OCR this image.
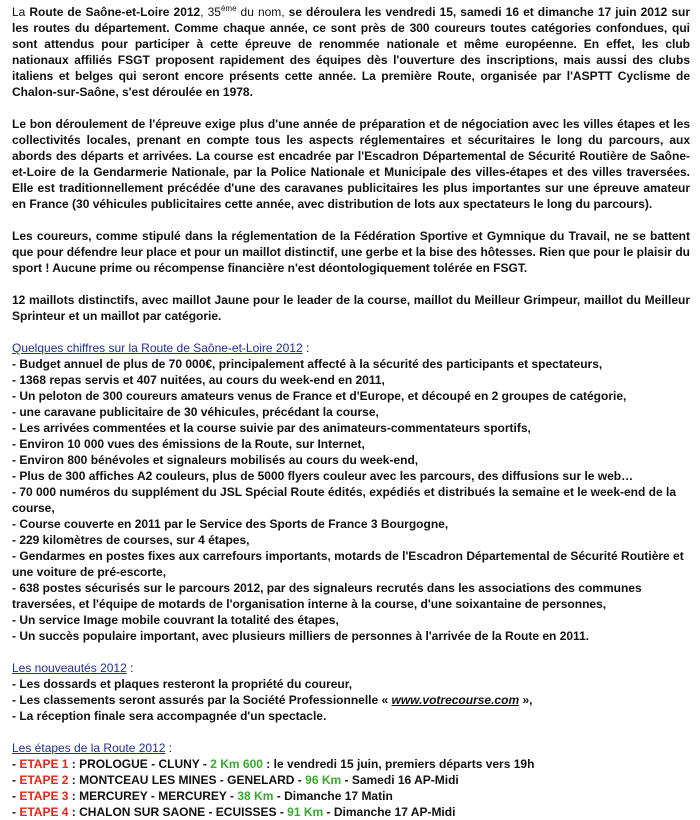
La Route de Saône-et-Loire 2012, 35ème du nom, se déroulera les vendredi 15, samedi 16 et dimanche 17 juin 2012 sur les routes du département. Comme chaque année, ce sont près de 300 coureurs toutes catégories confondues, qui sont attendus pour participer à cette épreuve de renommée nationale et même européenne. En effet, les club nationaux affiliés FSGT proposent rapidement des équipes dès l'ouverture des inscriptions, mais aussi des clubs italiens et belges qui seront encore présents cette année. La première Route, organisée par l'ASPTT Cyclisme de Chalon-sur-Saône, s'est déroulée en 1978.

Le bon déroulement de l'épreuve exige plus d'une année de préparation et de négociation avec les villes étapes et les collectivités locales, prenant en compte tous les aspects réglementaires et sécuritaires le long du parcours, aux abords des départs et arrivées. La course est encadrée par l'Escadron Départemental de Sécurité Routière de Saône-et-Loire de la Gendarmerie Nationale, par la Police Nationale et Municipale des villes-étapes et des villes traversées. Elle est traditionnellement précédée d'une des caravanes publicitaires les plus importantes sur une épreuve amateur en France (30 véhicules publicitaires cette année, avec distribution de lots aux spectateurs le long du parcours).

Les coureurs, comme stipulé dans la réglementation de la Fédération Sportive et Gymnique du Travail, ne se battent que pour défendre leur place et pour un maillot distinctif, une gerbe et la bise des hôtesses. Rien que pour le plaisir du sport ! Aucune prime ou récompense financière n'est déontologiquement tolérée en FSGT.

12 maillots distinctifs, avec maillot Jaune pour le leader de la course, maillot du Meilleur Grimpeur, maillot du Meilleur Sprinteur et un maillot par catégorie.

Quelques chiffres sur la Route de Saône-et-Loire 2012 :

- Budget annuel de plus de 70 000€, principalement affecté à la sécurité des participants et spectateurs,

- 1368 repas servis et 407 nuitées, au cours du week-end en 2011,

- Un peloton de 300 coureurs amateurs venus de France et d'Europe, et découpé en 2 groupes de catégorie,

- une caravane publicitaire de 30 véhicules, précédant la course,

- Les arrivées commentées et la course suivie par des animateurs-commentateurs sportifs,

- Environ 10 000 vues des émissions de la Route, sur Internet,

- Environ 800 bénévoles et signaleurs mobilisés au cours du week-end,

- Plus de 300 affiches A2 couleurs, plus de 5000 flyers couleur avec les parcours, des diffusions sur le web…

- 70 000 numéros du supplément du JSL Spécial Route édités, expédiés et distribués la semaine et le week-end de la course,

- Course couverte en 2011 par le Service des Sports de France 3 Bourgogne,

- 229 kilomètres de courses, sur 4 étapes,

- Gendarmes en postes fixes aux carrefours importants, motards de l'Escadron Départemental de Sécurité Routière et une voiture de pré-escorte,

- 638 postes sécurisés sur le parcours 2012, par des signaleurs recrutés dans les associations des communes traversées, et l'équipe de motards de l'organisation interne à la course, d'une soixantaine de personnes,

- Un service Image mobile couvrant la totalité des étapes,

- Un succès populaire important, avec plusieurs milliers de personnes à l'arrivée de la Route en 2011.

Les nouveautés 2012 :

- Les dossards et plaques resteront la propriété du coureur,

- Les classements seront assurés par la Société Professionnelle « www.votrecourse.com »,

- La réception finale sera accompagnée d'un spectacle.

Les étapes de la Route 2012 :

- ETAPE 1 : PROLOGUE - CLUNY - 2 Km 600 : le vendredi 15 juin, premiers départs vers 19h

- ETAPE 2 : MONTCEAU LES MINES - GENELARD - 96 Km - Samedi 16 AP-Midi

- ETAPE 3 : MERCUREY - MERCUREY - 38 Km - Dimanche 17 Matin

- ETAPE 4 : CHALON SUR SAONE - ECUISSES - 91 Km - Dimanche 17 AP-Midi
